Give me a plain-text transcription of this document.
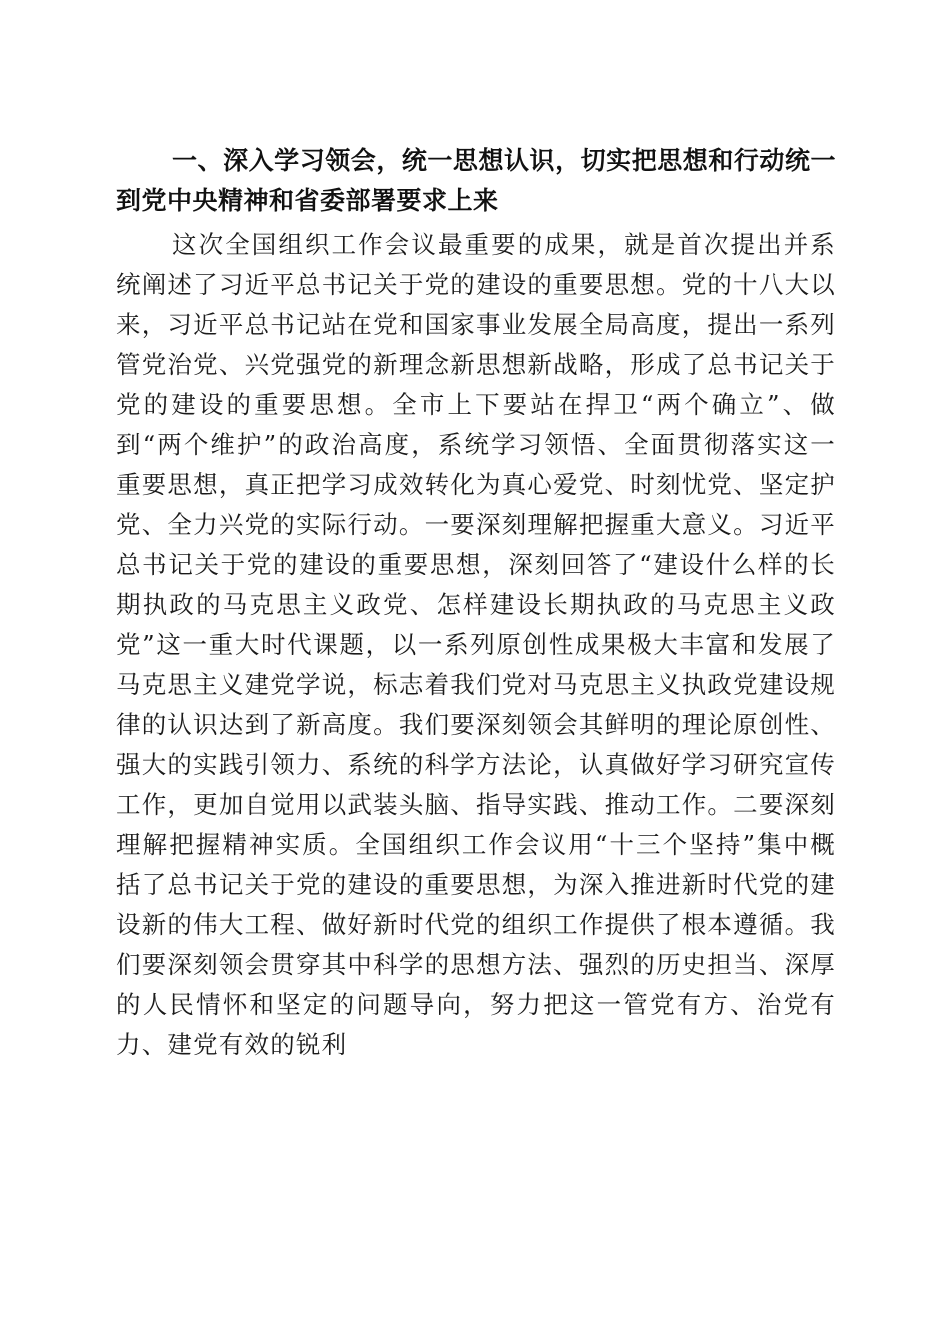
一、深入学习领会，统一思想认识，切实把思想和行动统一到党中央精神和省委部署要求上来

这次全国组织工作会议最重要的成果，就是首次提出并系统阐述了习近平总书记关于党的建设的重要思想。党的十八大以来，习近平总书记站在党和国家事业发展全局高度，提出一系列管党治党、兴党强党的新理念新思想新战略，形成了总书记关于党的建设的重要思想。全市上下要站在捍卫“两个确立”、做到“两个维护”的政治高度，系统学习领悟、全面贯彻落实这一重要思想，真正把学习成效转化为真心爱党、时刻忧党、坚定护党、全力兴党的实际行动。一要深刻理解把握重大意义。习近平总书记关于党的建设的重要思想，深刻回答了“建设什么样的长期执政的马克思主义政党、怎样建设长期执政的马克思主义政党”这一重大时代课题，以一系列原创性成果极大丰富和发展了马克思主义建党学说，标志着我们党对马克思主义执政党建设规律的认识达到了新高度。我们要深刻领会其鲜明的理论原创性、强大的实践引领力、系统的科学方法论，认真做好学习研究宣传工作，更加自觉用以武装头脑、指导实践、推动工作。二要深刻理解把握精神实质。全国组织工作会议用“十三个坚持”集中概括了总书记关于党的建设的重要思想，为深入推进新时代党的建设新的伟大工程、做好新时代党的组织工作提供了根本遵循。我们要深刻领会贯穿其中科学的思想方法、强烈的历史担当、深厚的人民情怀和坚定的问题导向，努力把这一管党有方、治党有力、建党有效的锐利
